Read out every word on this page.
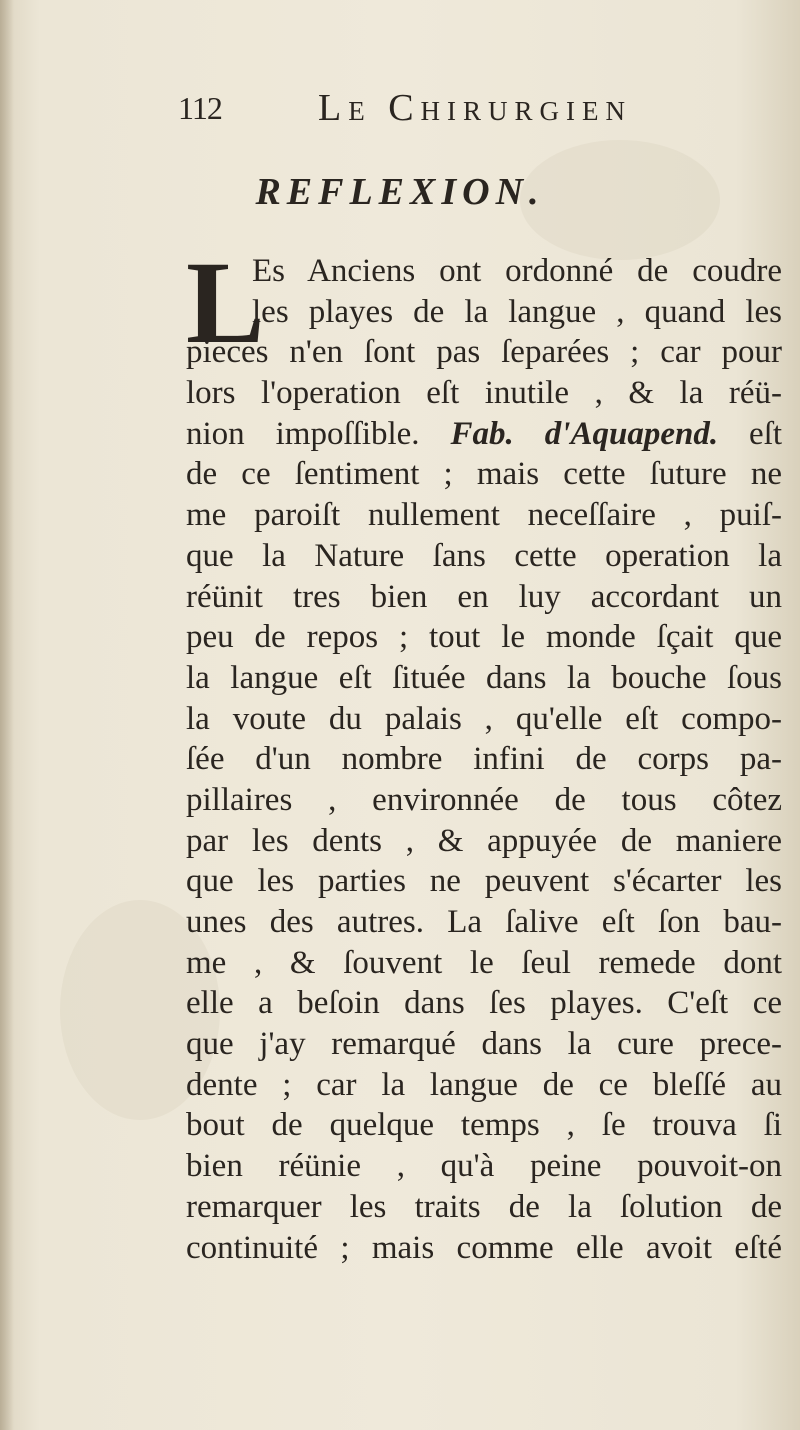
112	Le Chirurgien
REFLEXION.
L
Es Anciens ont ordonné de coudre
les playes de la langue , quand les
pieces n'en ſont pas ſeparées ; car pour
lors l'operation eſt inutile , & la réü-
nion impoſſible. Fab. d'Aquapend. eſt
de ce ſentiment ; mais cette ſuture ne
me paroiſt nullement neceſſaire , puiſ-
que la Nature ſans cette operation la
réünit tres bien en luy accordant un
peu de repos ; tout le monde ſçait que
la langue eſt ſituée dans la bouche ſous
la voute du palais , qu'elle eſt compo-
ſée d'un nombre infini de corps pa-
pillaires , environnée de tous côtez
par les dents , & appuyée de maniere
que les parties ne peuvent s'écarter les
unes des autres. La ſalive eſt ſon bau-
me , & ſouvent le ſeul remede dont
elle a beſoin dans ſes playes. C'eſt ce
que j'ay remarqué dans la cure prece-
dente ; car la langue de ce bleſſé au
bout de quelque temps , ſe trouva ſi
bien réünie , qu'à peine pouvoit-on
remarquer les traits de la ſolution de
continuité ; mais comme elle avoit eſté
